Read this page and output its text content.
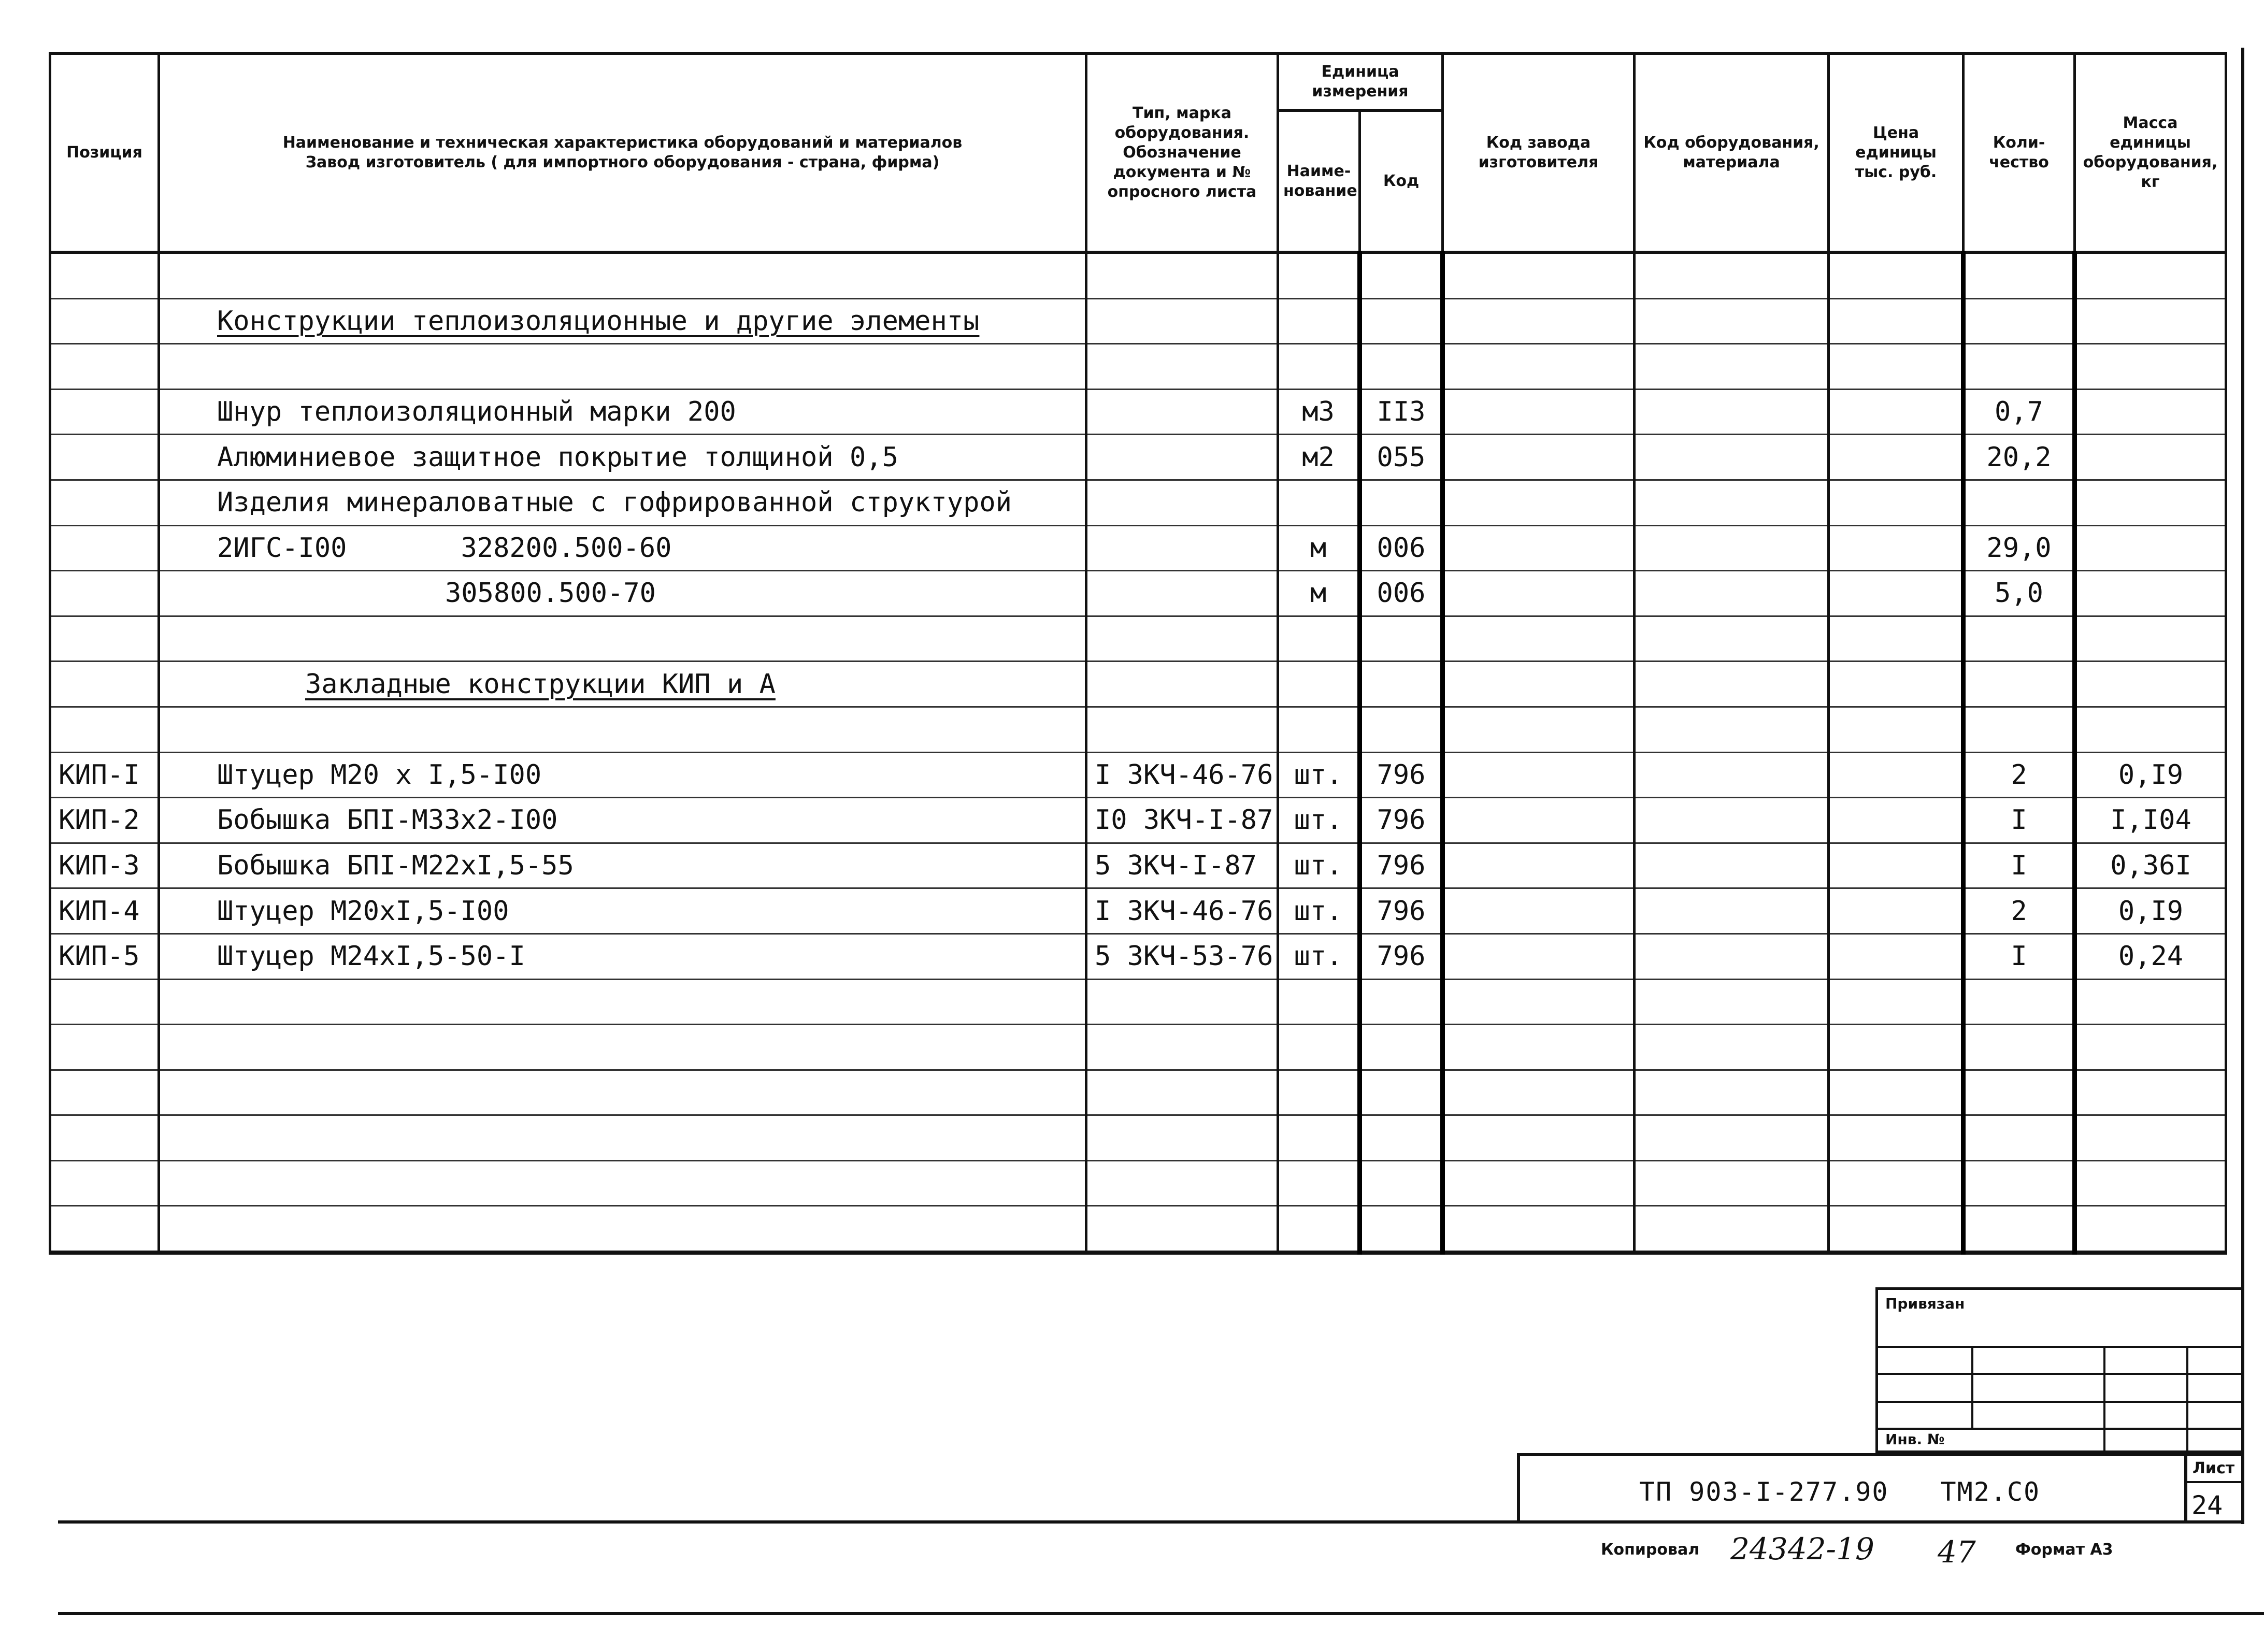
Позиция	Наименование и техническая характеристика оборудований и материалов
Завод изготовитель ( для импортного оборудования - страна, фирма)	Тип, марка оборудования. Обозначение документа и № опросного листа	Единица измерения		Код завода изготовителя	Код оборудования, материала	Цена единицы тыс. руб.	Коли-чество	Масса единицы оборудования, кг
			Наиме-нование	Код					

	Конструкции теплоизоляционные и другие элементы								

	Шнур теплоизоляционный марки 200		м3	II3				0,7	
	Алюминиевое защитное покрытие толщиной 0,5		м2	055				20,2	
	Изделия минераловатные с гофрированной структурой								
	2ИГС-I00 328200.500-60		м	006				29,0	
	305800.500-70		м	006				5,0	

	Закладные конструкции КИП и А								

КИП-I	Штуцер М20 х I,5-I00	I ЗКЧ-46-76	шт.	796				2	0,I9
КИП-2	Бобышка БПI-М33х2-I00	I0 ЗКЧ-I-87	шт.	796				I	I,I04
КИП-3	Бобышка БПI-М22хI,5-55	5 ЗКЧ-I-87	шт.	796				I	0,36I
КИП-4	Штуцер М20хI,5-I00	I ЗКЧ-46-76	шт.	796				2	0,I9
КИП-5	Штуцер М24хI,5-50-I	5 ЗКЧ-53-76	шт.	796				I	0,24

Привязан
Инв. №
ТП 903-I-277.90 ТМ2.С0
Лист
24
Копировал 24342-19 47	Формат А3
